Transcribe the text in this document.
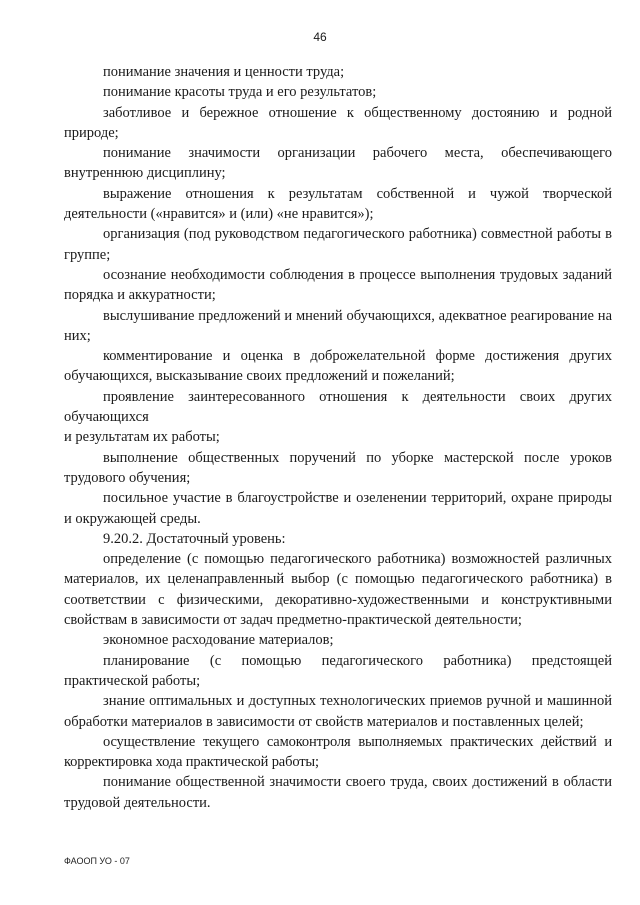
46

понимание значения и ценности труда;

понимание красоты труда и его результатов;

заботливое и бережное отношение к общественному достоянию и родной природе;

понимание значимости организации рабочего места, обеспечивающего внутреннюю дисциплину;

выражение отношения к результатам собственной и чужой творческой деятельности («нравится» и (или) «не нравится»);

организация (под руководством педагогического работника) совместной работы в группе;

осознание необходимости соблюдения в процессе выполнения трудовых заданий порядка и аккуратности;

выслушивание предложений и мнений обучающихся, адекватное реагирование на них;

комментирование и оценка в доброжелательной форме достижения других обучающихся, высказывание своих предложений и пожеланий;

проявление заинтересованного отношения к деятельности своих других обучающихся

и результатам их работы;

выполнение общественных поручений по уборке мастерской после уроков трудового обучения;

посильное участие в благоустройстве и озеленении территорий, охране природы и окружающей среды.

9.20.2. Достаточный уровень:

определение (с помощью педагогического работника) возможностей различных материалов, их целенаправленный выбор (с помощью педагогического работника) в соответствии с физическими, декоративно-художественными и конструктивными свойствам в зависимости от задач предметно-практической деятельности;

экономное расходование материалов;

планирование (с помощью педагогического работника) предстоящей практической работы;

знание оптимальных и доступных технологических приемов ручной и машинной обработки материалов в зависимости от свойств материалов и поставленных целей;

осуществление текущего самоконтроля выполняемых практических действий и корректировка хода практической работы;

понимание общественной значимости своего труда, своих достижений в области трудовой деятельности.

ФАООП УО - 07
